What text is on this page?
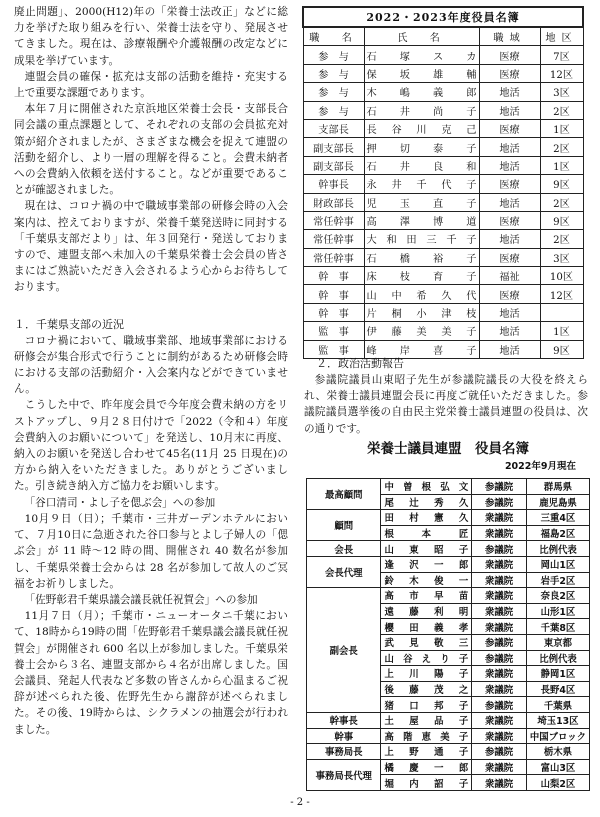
廃止問題」、2000(H12)年の「栄養士法改正」などに総力を挙げた取り組みを行い、栄養士法を守り、発展させてきました。現在は、診療報酬や介護報酬の改定などに成果を挙げています。

連盟会員の確保・拡充は支部の活動を維持・充実する上で重要な課題であります。

本年７月に開催された京浜地区栄養士会長・支部長合同会議の重点課題として、それぞれの支部の会員拡充対策が紹介されましたが、さまざまな機会を捉えて連盟の活動を紹介し、より一層の理解を得ること。会費未納者への会費納入依頼を送付すること。などが重要であることが確認されました。

現在は、コロナ禍の中で職域事業部の研修会時の入会案内は、控えておりますが、栄養千葉発送時に同封する「千葉県支部だより」は、年３回発行・発送しておりますので、連盟支部へ未加入の千葉県栄養士会会員の皆さまにはご熟読いただき入会されるよう心からお待ちしております。

１．千葉県支部の近況

コロナ禍において、職域事業部、地域事業部における研修会が集合形式で行うことに制約があるため研修会時における支部の活動紹介・入会案内などができていません。

こうした中で、昨年度会員で今年度会費未納の方をリストアップし、９月２８日付けで「2022（令和４）年度会費納入のお願いについて」を発送し、10月末に再度、納入のお願いを発送し合わせて45名(11月 25 日現在)の方から納入をいただきました。ありがとうございました。引き続き納入方ご協力をお願いします。

「谷口清司・よし子を偲ぶ会」への参加

10月９日（日）；千葉市・三井ガーデンホテルにおいて、７月10日に急逝された谷口参与とよし子婦人の「偲ぶ会」が 11 時〜12 時の間、開催され 40 数名が参加し、千葉県栄養士会からは 28 名が参加して故人のご冥福をお祈りしました。

「佐野彰君千葉県議会議長就任祝賀会」への参加

11月７日（月）；千葉市・ニューオータニ千葉において、18時から19時の間「佐野彰君千葉県議会議長就任祝賀会」が開催され 600 名以上が参加しました。千葉県栄養士会から３名、連盟支部から４名が出席しました。国会議員、発起人代表など多数の皆さんから心温まるご祝辞が述べられた後、佐野先生から謝辞が述べられました。その後、19時からは、シクラメンの抽選会が行われました。

2022・2023年度役員名簿			
職　名	氏　名	職域	地区
参　与	石塚スカ	医療	7区
参　与	保坂雄輔	医療	12区
参　与	木嶋義郎	地活	3区
参　与	石井尚子	地活	2区
支部長	長谷川克己	医療	1区
副支部長	押切泰子	地活	2区
副支部長	石井良和	地活	1区
幹事長	永井千代子	医療	9区
財政部長	児玉直子	地活	2区
常任幹事	高澤博道	医療	9区
常任幹事	大和田三千子	地活	2区
常任幹事	石橋裕子	医療	3区
幹　事	床枝育子	福祉	10区
幹　事	山中希久代	医療	12区
幹　事	片桐小津枝	地活	
監　事	伊藤美美子	地活	1区
監　事	峰岸喜子	地活	9区
２．政治活動報告

参議院議員山東昭子先生が参議院議長の大役を終えられ、栄養士議員連盟会長に再度ご就任いただきました。参議院議員選挙後の自由民主党栄養士議員連盟の役員は、次の通りです。

栄養士議員連盟　役員名簿

2022年9月現在

最高顧問	中曽根弘文	参議院	群馬県
	尾辻秀久	参議院	鹿児島県
顧問	田村憲久	衆議院	三重4区
	根本匠	衆議院	福島2区
会長	山東昭子	参議院	比例代表
会長代理	逢沢一郎	衆議院	岡山1区
	鈴木俊一	衆議院	岩手2区
副会長	高市早苗	衆議院	奈良2区
	遠藤利明	衆議院	山形1区
	櫻田義孝	衆議院	千葉8区
	武見敬三	参議院	東京都
	山谷えり子	参議院	比例代表
	上川陽子	衆議院	静岡1区
	後藤茂之	衆議院	長野4区
	猪口邦子	参議院	千葉県
幹事長	土屋品子	衆議院	埼玉13区
幹事	高階恵美子	衆議院	中国ブロック
事務局長	上野通子	参議院	栃木県
事務局長代理	橘慶一郎	衆議院	富山3区
	堀内詔子	衆議院	山梨2区
- 2 -
